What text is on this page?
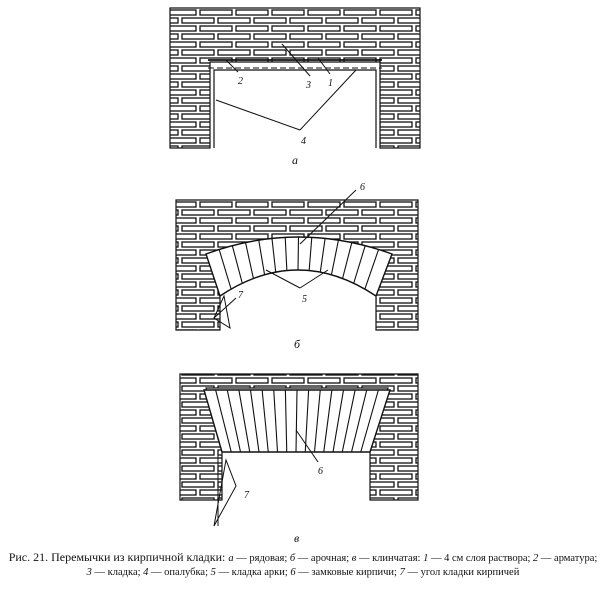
2	3 1
4
а
6
5
7
б
6
7
в
Рис. 21. Перемычки из кирпичной кладки: а — рядовая; б — арочная; в — клинчатая: 1 — 4 см слоя раствора; 2 — арматура; 3 — кладка; 4 — опалубка; 5 — кладка арки; 6 — замковые кирпичи; 7 — угол кладки кирпичей
